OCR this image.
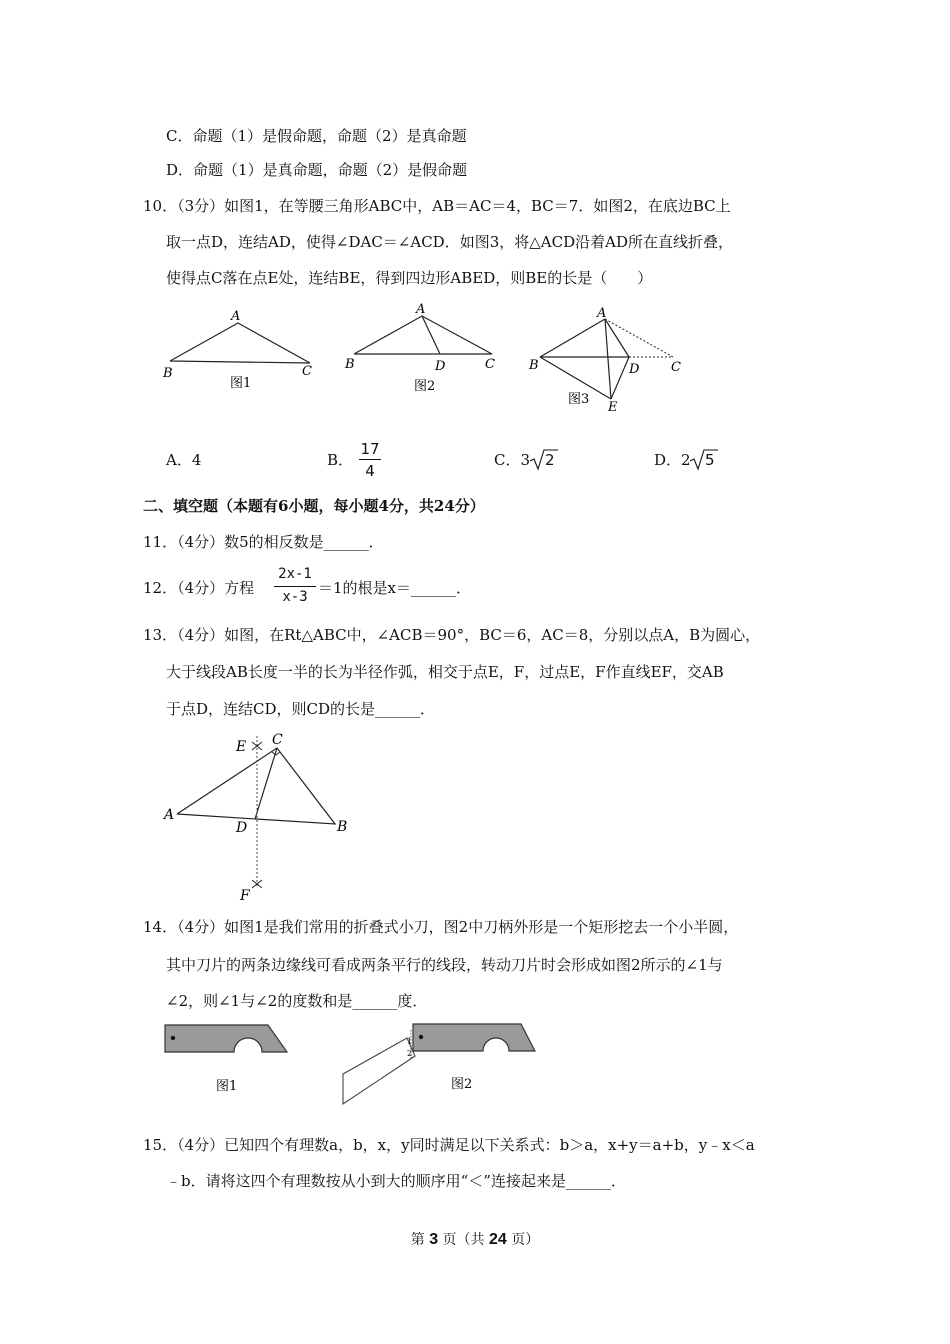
C．命题（1）是假命题，命题（2）是真命题
D．命题（1）是真命题，命题（2）是假命题
10．（3分）如图1，在等腰三角形ABC中，AB＝AC＝4，BC＝7．如图2，在底边BC上
取一点D，连结AD，使得∠DAC＝∠ACD．如图3，将△ACD沿着AD所在直线折叠，
使得点C落在点E处，连结BE，得到四边形ABED，则BE的长是（　　）
A
B	C
图1
A
B	D	C
图2
A
B	D C
E
图3
A．4	B．
17
4
C．3 2	D．2 5
二、填空题（本题有6小题，每小题4分，共24分）
11．（4分）数5的相反数是______．
12．（4分）方程
2x-1
x-3 ＝1的根是x＝______．
13．（4分）如图，在Rt△ABC中，∠ACB＝90°，BC＝6，AC＝8，分别以点A，B为圆心，
大于线段AB长度一半的长为半径作弧，相交于点E，F，过点E，F作直线EF，交AB
于点D，连结CD，则CD的长是______．
E C
A
D	B
F
14．（4分）如图1是我们常用的折叠式小刀，图2中刀柄外形是一个矩形挖去一个小半圆，
其中刀片的两条边缘线可看成两条平行的线段，转动刀片时会形成如图2所示的∠1与
∠2，则∠1与∠2的度数和是______度．
图1
1
2
图2
15．（4分）已知四个有理数a，b，x，y同时满足以下关系式：b＞a，x+y＝a+b，y﹣x＜a
﹣b．请将这四个有理数按从小到大的顺序用“＜”连接起来是______．
第 3 页（共 24 页）
